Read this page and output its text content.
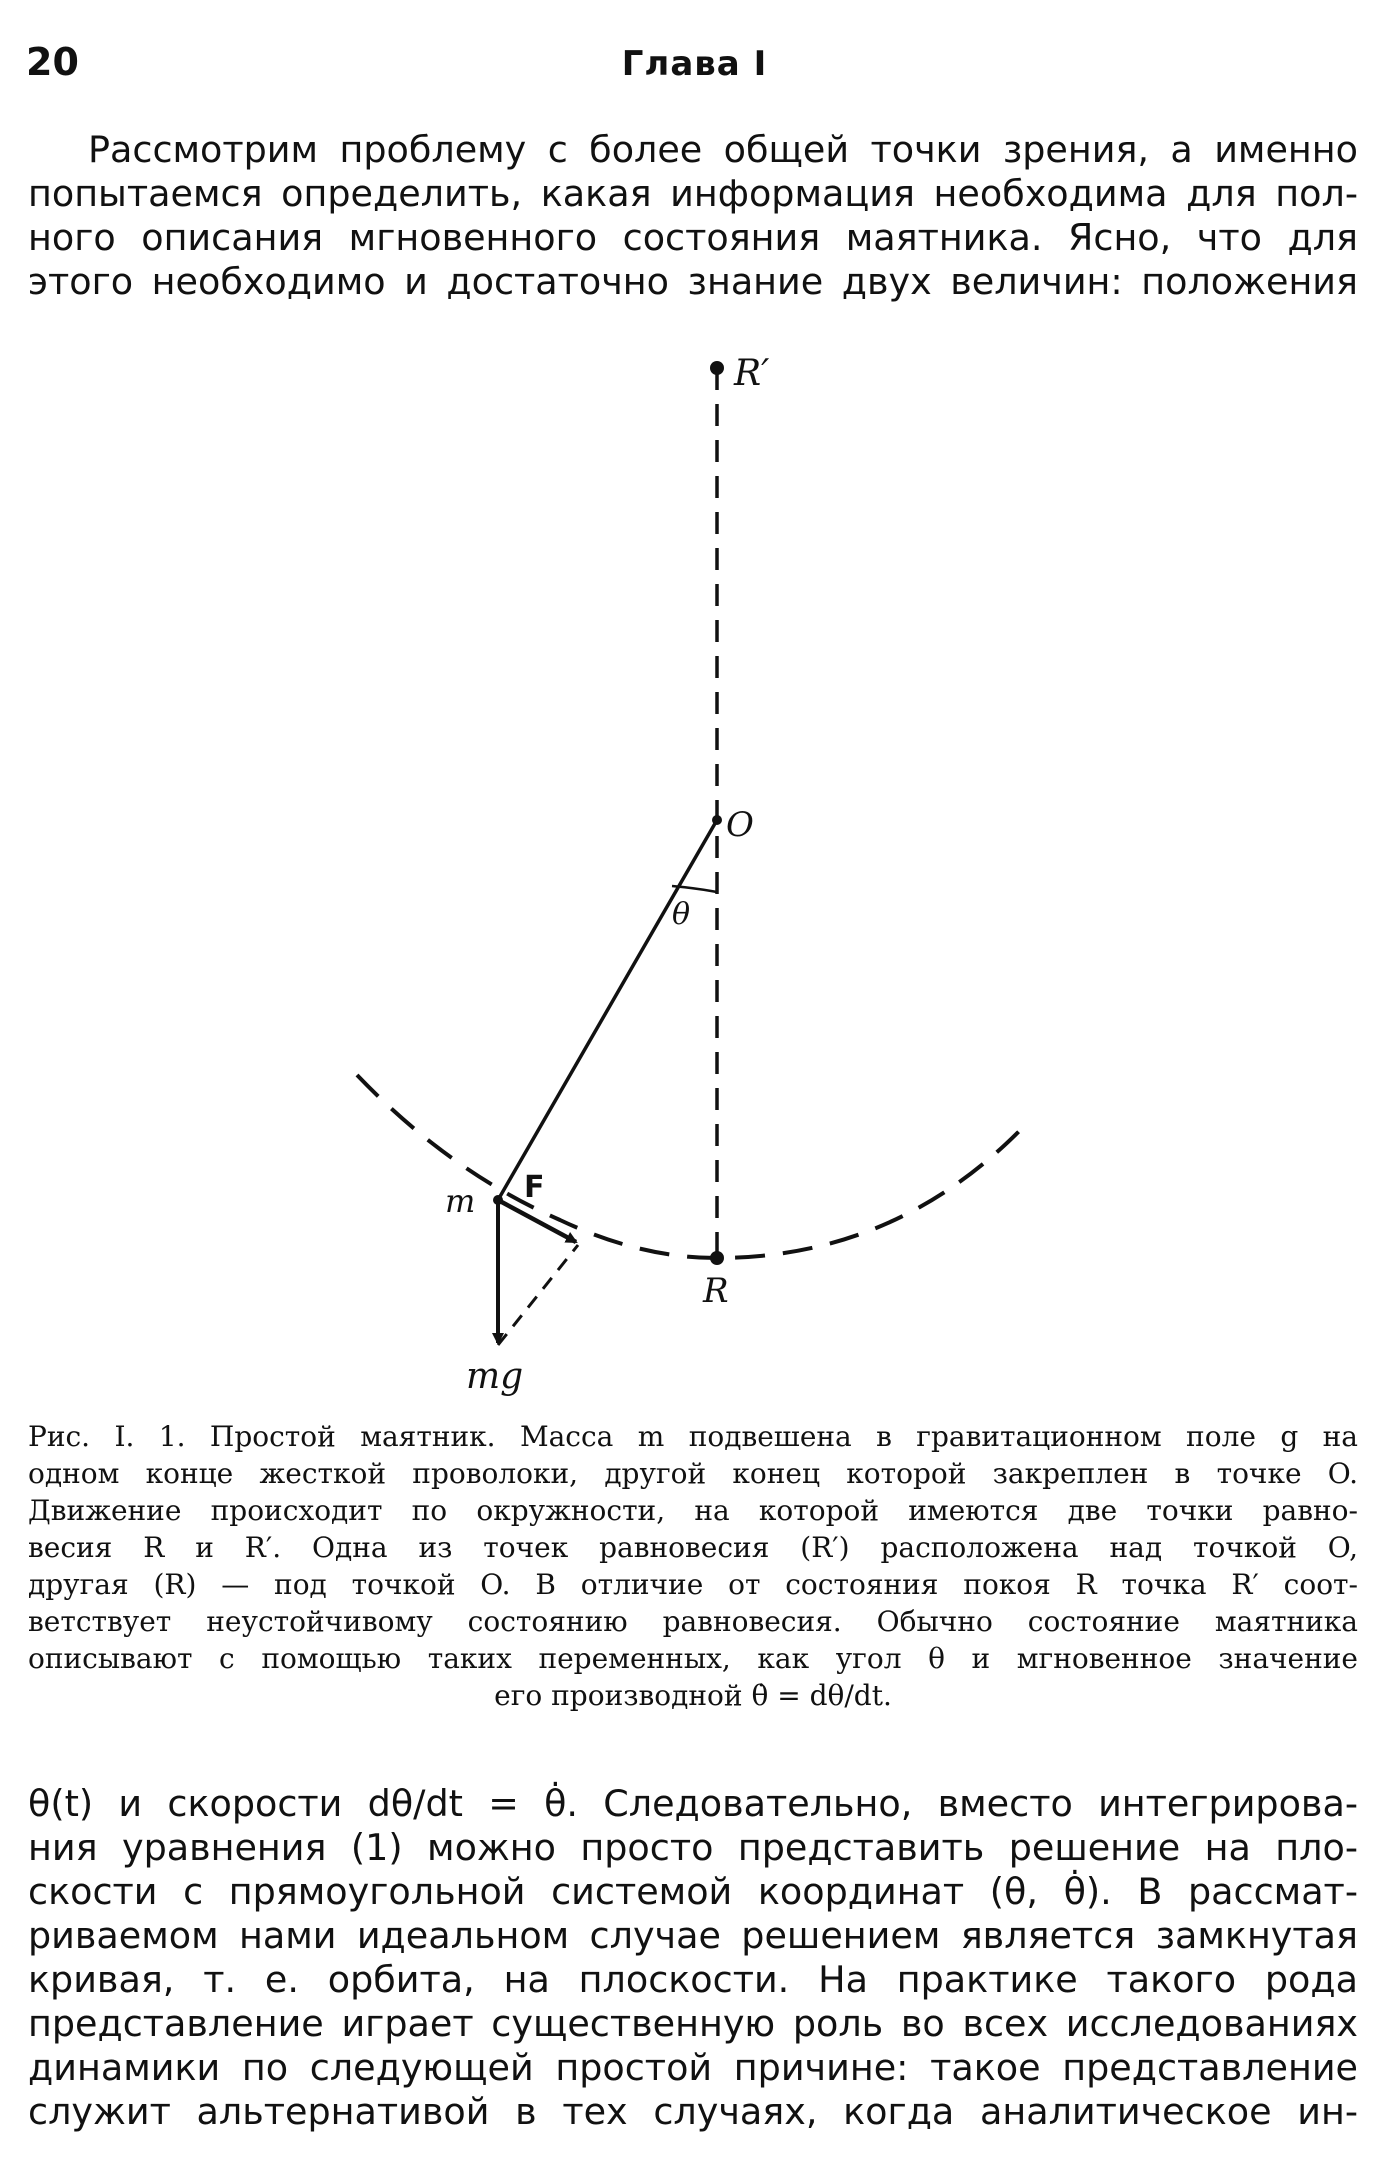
20	Глава I
Рассмотрим проблему с более общей точки зрения, а именно
попытаемся определить, какая информация необходима для пол-
ного описания мгновенного состояния маятника. Ясно, что для
этого необходимо и достаточно знание двух величин: положения
R′
O
θ
m F
R
mg
Рис. I. 1. Простой маятник. Масса m подвешена в гравитационном поле g на
одном конце жесткой проволоки, другой конец которой закреплен в точке O.
Движение происходит по окружности, на которой имеются две точки равно-
весия R и R′. Одна из точек равновесия (R′) расположена над точкой O,
другая (R) — под точкой O. В отличие от состояния покоя R точка R′ соот-
ветствует неустойчивому состоянию равновесия. Обычно состояние маятника
описывают с помощью таких переменных, как угол θ и мгновенное значение
его производной θ̇ = dθ/dt.
θ(t) и скорости dθ/dt = θ̇. Следовательно, вместо интегрирова-
ния уравнения (1) можно просто представить решение на пло-
скости с прямоугольной системой координат (θ, θ̇). В рассмат-
риваемом нами идеальном случае решением является замкнутая
кривая, т. е. орбита, на плоскости. На практике такого рода
представление играет существенную роль во всех исследованиях
динамики по следующей простой причине: такое представление
служит альтернативой в тех случаях, когда аналитическое ин-
